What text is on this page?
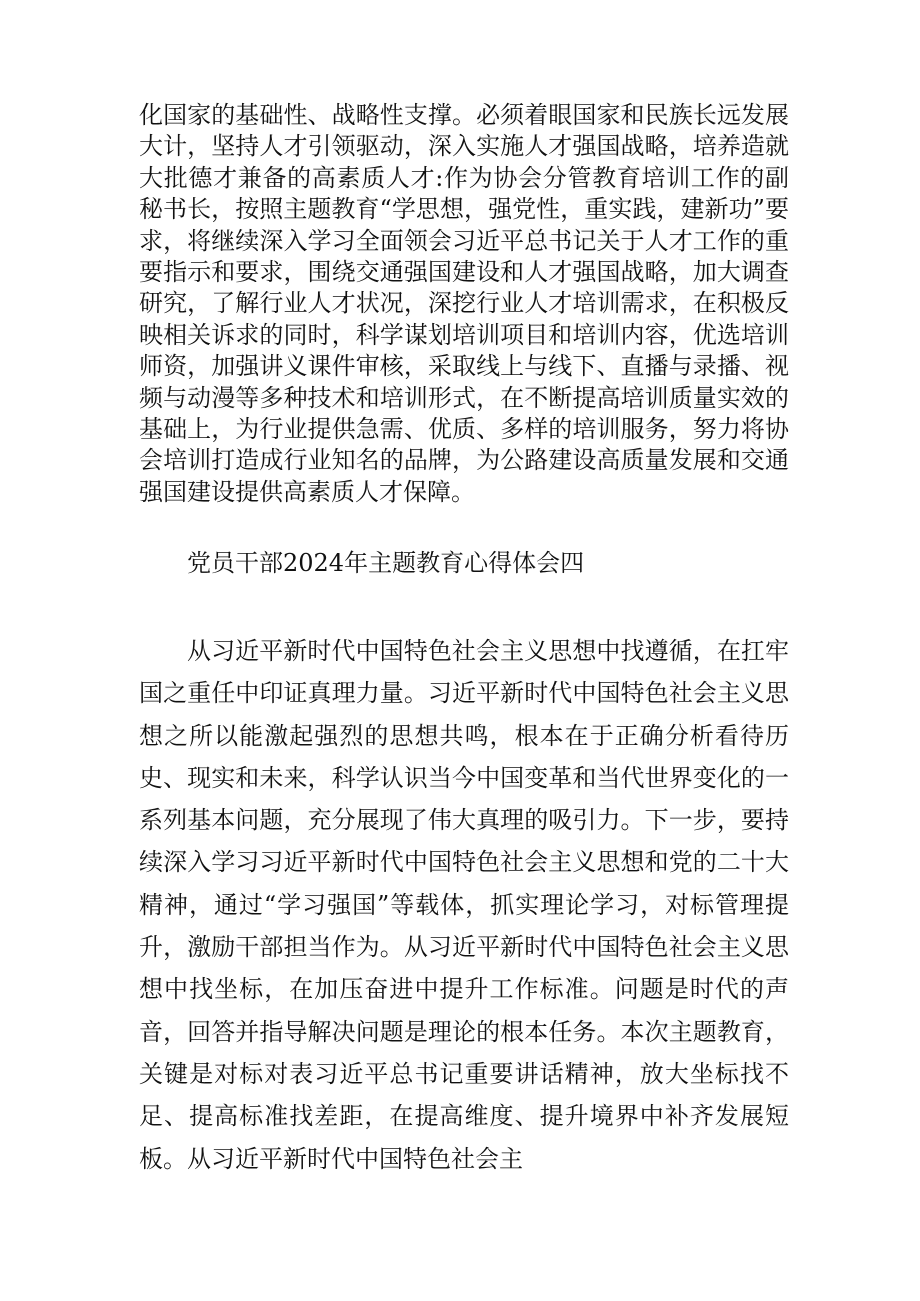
化国家的基础性、战略性支撑。必须着眼国家和民族长远发展大计，坚持人才引领驱动，深入实施人才强国战略，培养造就大批德才兼备的高素质人才:作为协会分管教育培训工作的副秘书长，按照主题教育“学思想，强党性，重实践，建新功”要求，将继续深入学习全面领会习近平总书记关于人才工作的重要指示和要求，围绕交通强国建设和人才强国战略，加大调查研究，了解行业人才状况，深挖行业人才培训需求，在积极反映相关诉求的同时，科学谋划培训项目和培训内容，优选培训师资，加强讲义课件审核，采取线上与线下、直播与录播、视频与动漫等多种技术和培训形式，在不断提高培训质量实效的基础上，为行业提供急需、优质、多样的培训服务，努力将协会培训打造成行业知名的品牌，为公路建设高质量发展和交通强国建设提供高素质人才保障。

党员干部2024年主题教育心得体会四

从习近平新时代中国特色社会主义思想中找遵循，在扛牢国之重任中印证真理力量。习近平新时代中国特色社会主义思想之所以能激起强烈的思想共鸣，根本在于正确分析看待历史、现实和未来，科学认识当今中国变革和当代世界变化的一系列基本问题，充分展现了伟大真理的吸引力。下一步，要持续深入学习习近平新时代中国特色社会主义思想和党的二十大精神，通过“学习强国”等载体，抓实理论学习，对标管理提升，激励干部担当作为。从习近平新时代中国特色社会主义思想中找坐标，在加压奋进中提升工作标准。问题是时代的声音，回答并指导解决问题是理论的根本任务。本次主题教育，关键是对标对表习近平总书记重要讲话精神，放大坐标找不足、提高标准找差距，在提高维度、提升境界中补齐发展短板。从习近平新时代中国特色社会主
